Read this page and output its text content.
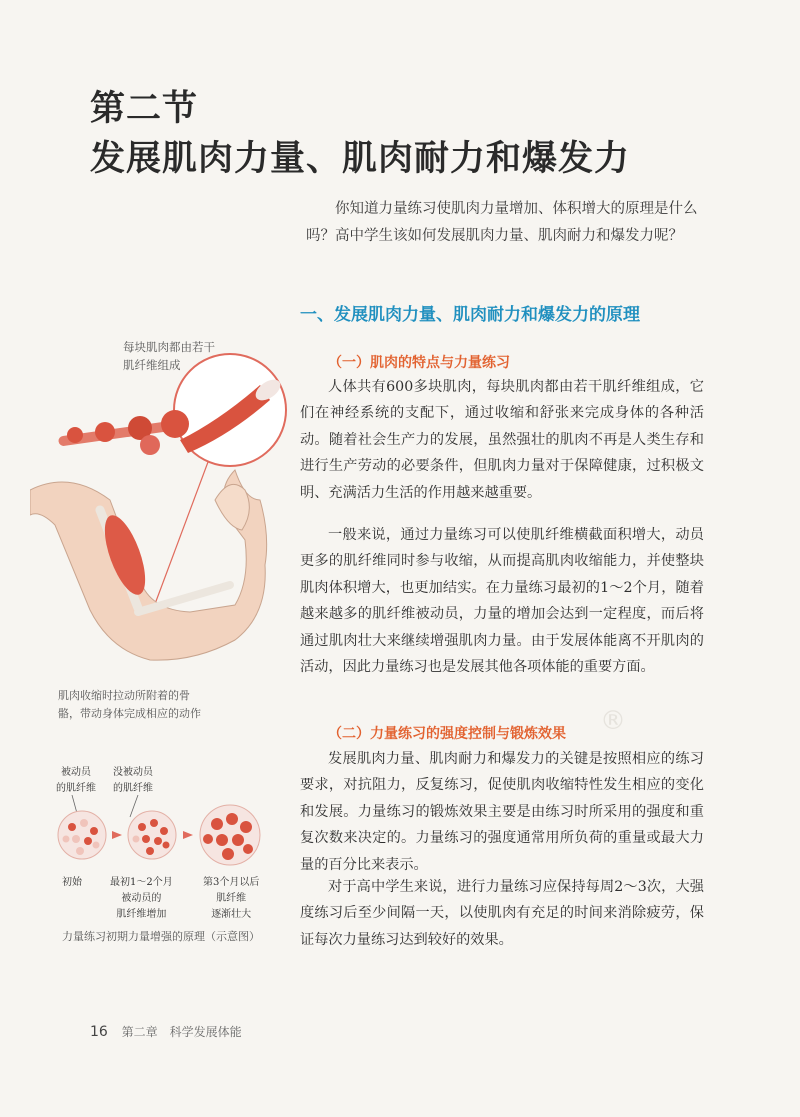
第二节
发展肌肉力量、肌肉耐力和爆发力

你知道力量练习使肌肉力量增加、体积增大的原理是什么吗？高中学生该如何发展肌肉力量、肌肉耐力和爆发力呢？

一、发展肌肉力量、肌肉耐力和爆发力的原理
（一）肌肉的特点与力量练习

人体共有600多块肌肉，每块肌肉都由若干肌纤维组成，它们在神经系统的支配下，通过收缩和舒张来完成身体的各种活动。随着社会生产力的发展，虽然强壮的肌肉不再是人类生存和进行生产劳动的必要条件，但肌肉力量对于保障健康，过积极文明、充满活力生活的作用越来越重要。

一般来说，通过力量练习可以使肌纤维横截面积增大，动员更多的肌纤维同时参与收缩，从而提高肌肉收缩能力，并使整块肌肉体积增大，也更加结实。在力量练习最初的1～2个月，随着越来越多的肌纤维被动员，力量的增加会达到一定程度，而后将通过肌肉壮大来继续增强肌肉力量。由于发展体能离不开肌肉的活动，因此力量练习也是发展其他各项体能的重要方面。

（二）力量练习的强度控制与锻炼效果

发展肌肉力量、肌肉耐力和爆发力的关键是按照相应的练习要求，对抗阻力，反复练习，促使肌肉收缩特性发生相应的变化和发展。力量练习的锻炼效果主要是由练习时所采用的强度和重复次数来决定的。力量练习的强度通常用所负荷的重量或最大力量的百分比来表示。

对于高中学生来说，进行力量练习应保持每周2～3次，大强度练习后至少间隔一天，以使肌肉有充足的时间来消除疲劳，保证每次力量练习达到较好的效果。

®
每块肌肉都由若干
肌纤维组成
肌肉收缩时拉动所附着的骨
骼，带动身体完成相应的动作
被动员
的肌纤维
没被动员
的肌纤维
初始	最初1～2个月
被动员的
肌纤维增加
第3个月以后
肌纤维
逐渐壮大
力量练习初期力量增强的原理（示意图）
16 第二章　科学发展体能
